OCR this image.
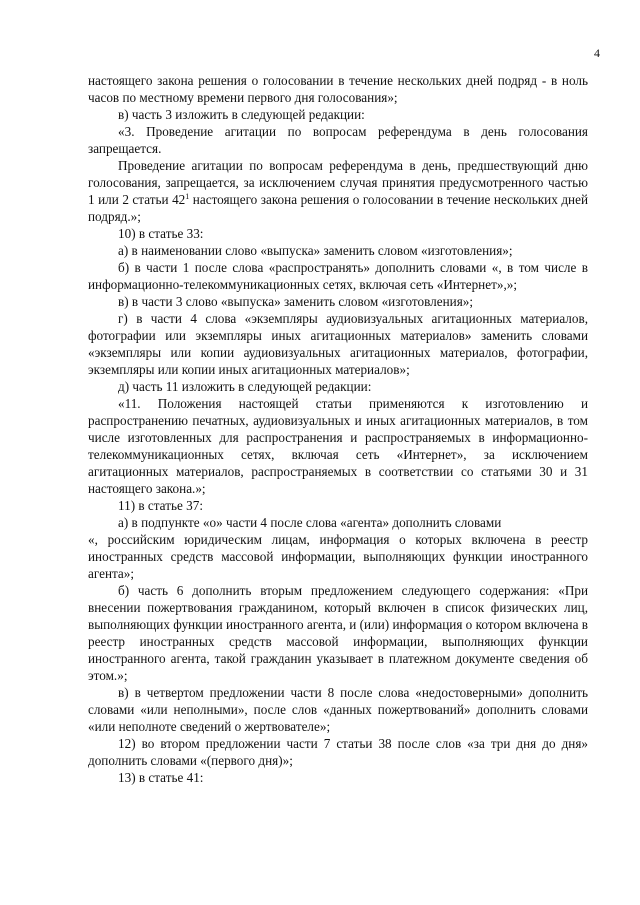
4

настоящего закона решения о голосовании в течение нескольких дней подряд - в ноль часов по местному времени первого дня голосования»;

в) часть 3 изложить в следующей редакции:

«3. Проведение агитации по вопросам референдума в день голосования запрещается.

Проведение агитации по вопросам референдума в день, предшествующий дню голосования, запрещается, за исключением случая принятия предусмотренного частью 1 или 2 статьи $42^1$ настоящего закона решения о голосовании в течение нескольких дней подряд.»;

10) в статье 33:

а) в наименовании слово «выпуска» заменить словом «изготовления»;

б) в части 1 после слова «распространять» дополнить словами «, в том числе в информационно-телекоммуникационных сетях, включая сеть «Интернет»,»;

в) в части 3 слово «выпуска» заменить словом «изготовления»;

г) в части 4 слова «экземпляры аудиовизуальных агитационных материалов, фотографии или экземпляры иных агитационных материалов» заменить словами «экземпляры или копии аудиовизуальных агитационных материалов, фотографии, экземпляры или копии иных агитационных материалов»;

д) часть 11 изложить в следующей редакции:

«11. Положения настоящей статьи применяются к изготовлению и распространению печатных, аудиовизуальных и иных агитационных материалов, в том числе изготовленных для распространения и распространяемых в информационно-телекоммуникационных сетях, включая сеть «Интернет», за исключением агитационных материалов, распространяемых в соответствии со статьями 30 и 31 настоящего закона.»;

11) в статье 37:

а) в подпункте «о» части 4 после слова «агента» дополнить словами

«, российским юридическим лицам, информация о которых включена в реестр иностранных средств массовой информации, выполняющих функции иностранного агента»;

б) часть 6 дополнить вторым предложением следующего содержания: «При внесении пожертвования гражданином, который включен в список физических лиц, выполняющих функции иностранного агента, и (или) информация о котором включена в реестр иностранных средств массовой информации, выполняющих функции иностранного агента, такой гражданин указывает в платежном документе сведения об этом.»;

в) в четвертом предложении части 8 после слова «недостоверными» дополнить словами «или неполными», после слов «данных пожертвований» дополнить словами «или неполноте сведений о жертвователе»;

12) во втором предложении части 7 статьи 38 после слов «за три дня до дня» дополнить словами «(первого дня)»;

13) в статье 41:
